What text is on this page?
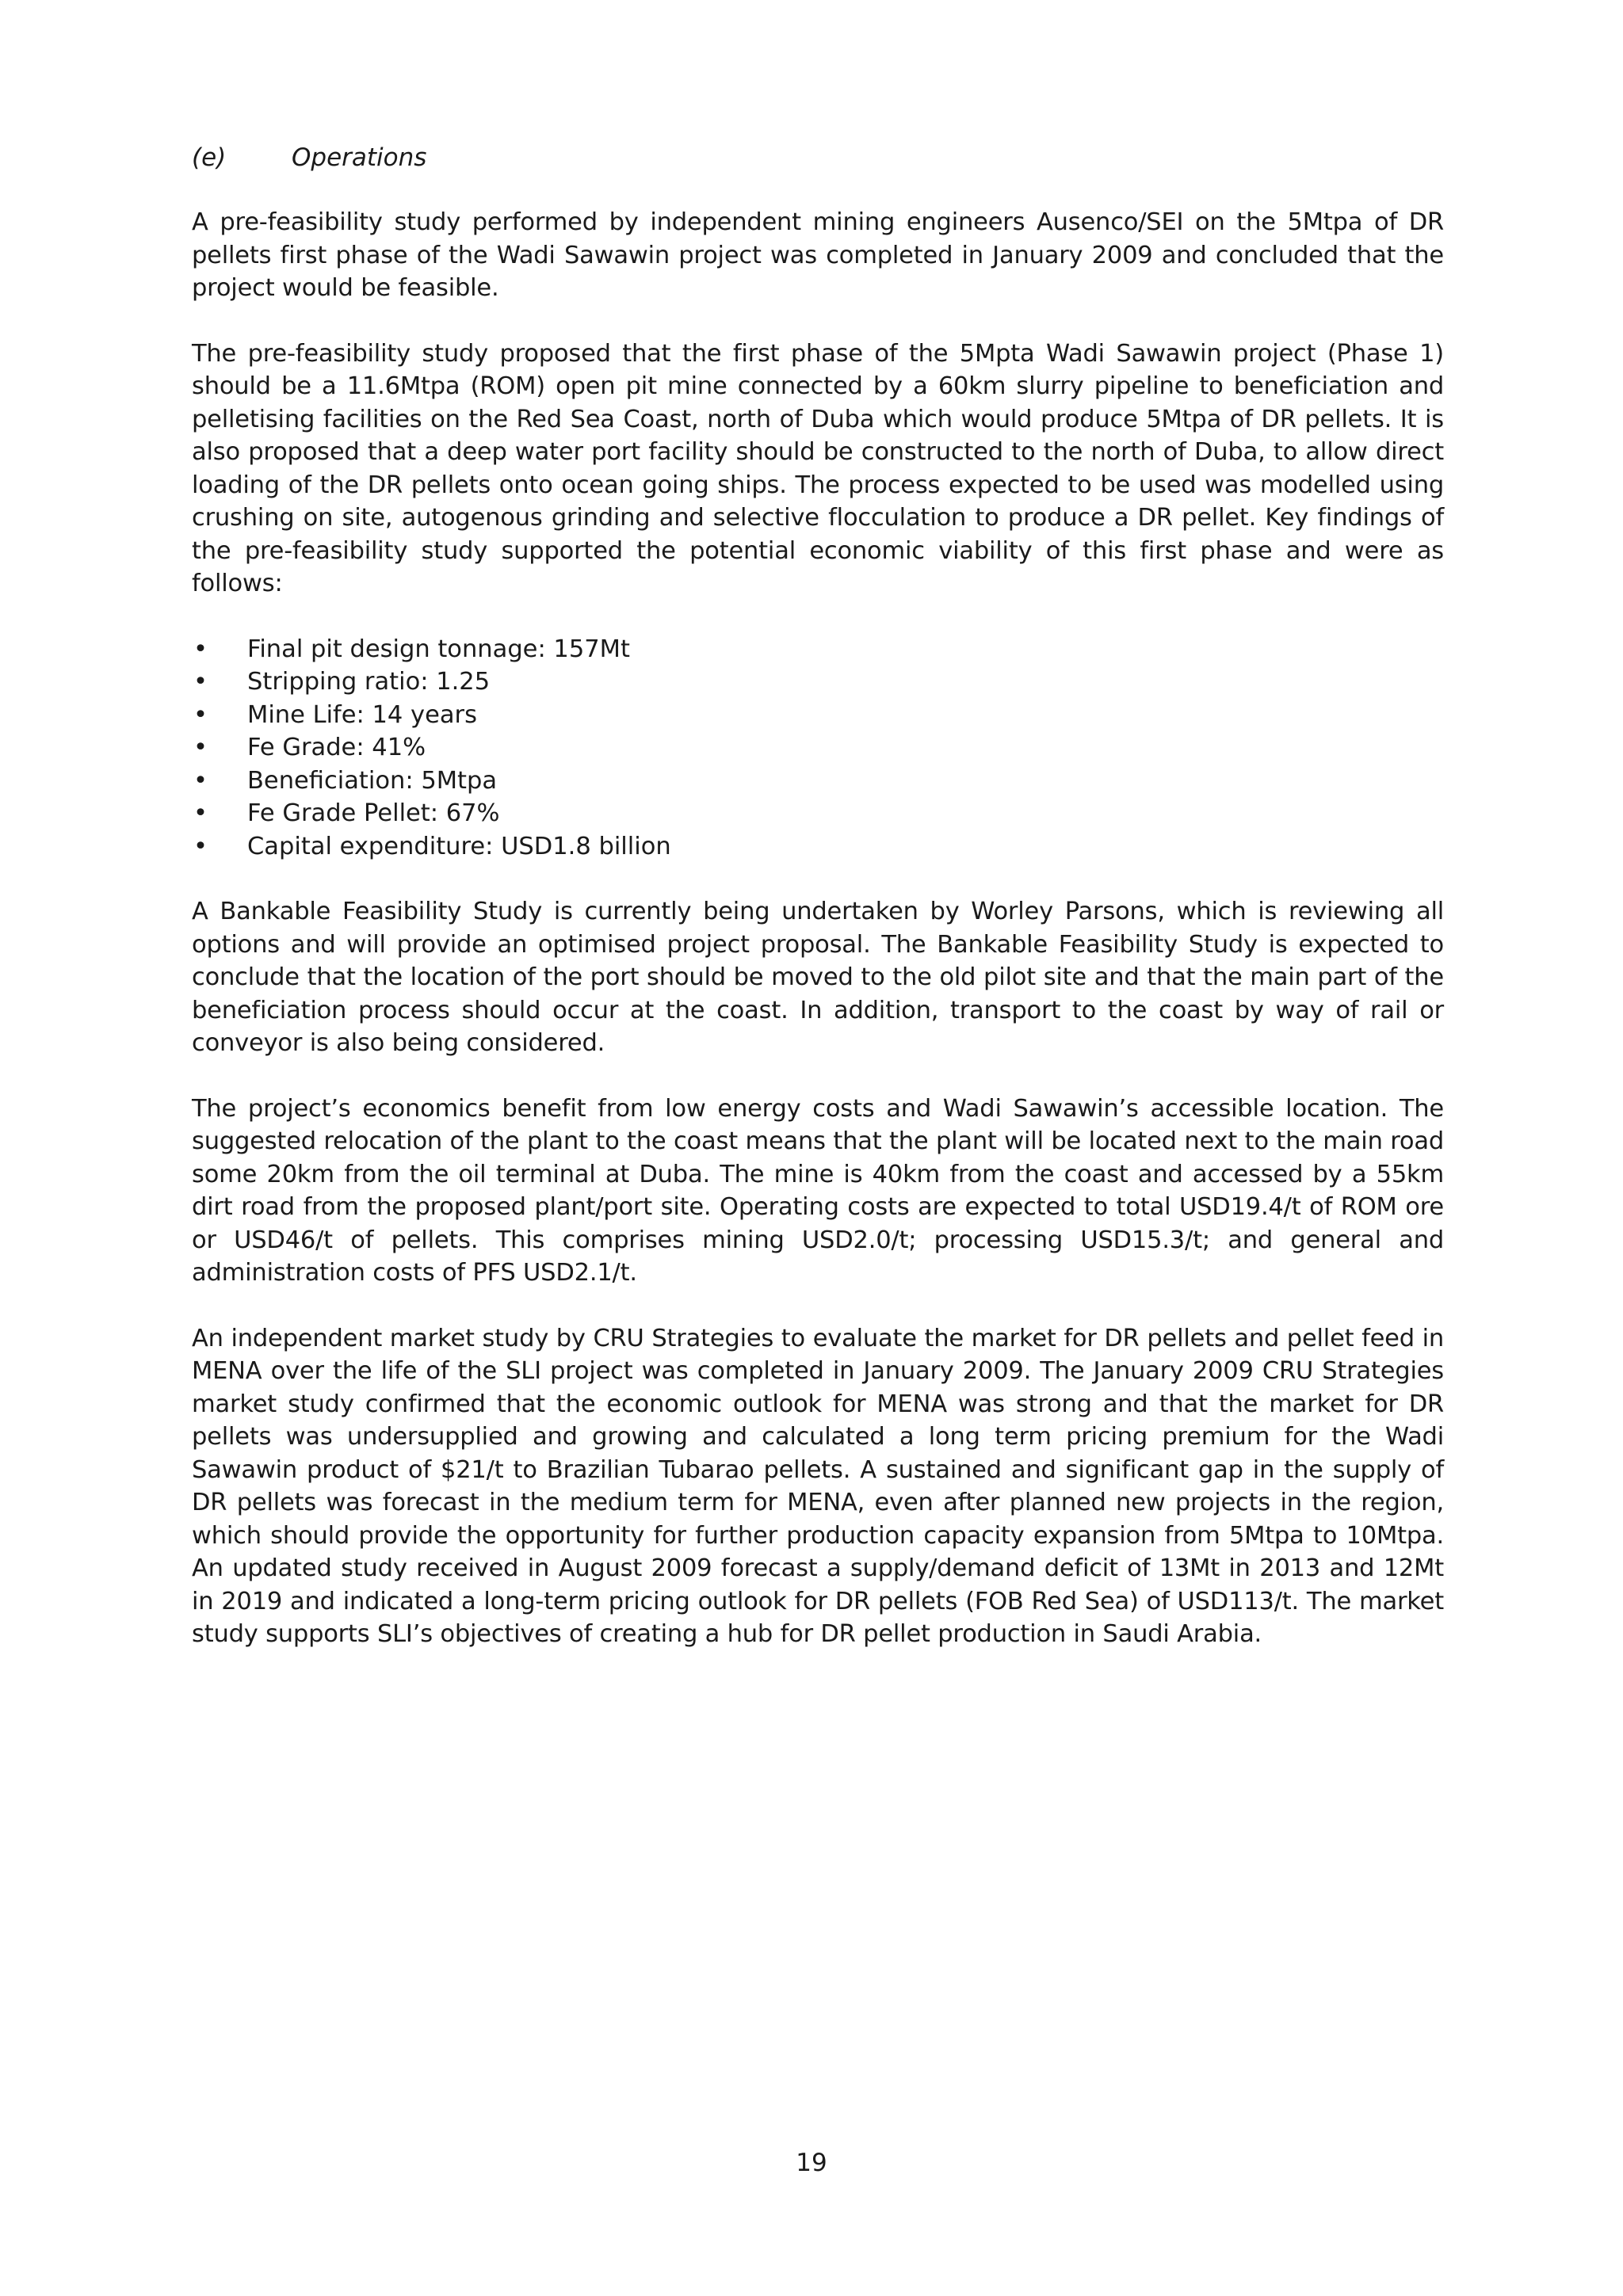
(e)	Operations

A pre-feasibility study performed by independent mining engineers Ausenco/SEI on the 5Mtpa of DR pellets first phase of the Wadi Sawawin project was completed in January 2009 and concluded that the project would be feasible.

The pre-feasibility study proposed that the first phase of the 5Mpta Wadi Sawawin project (Phase 1) should be a 11.6Mtpa (ROM) open pit mine connected by a 60km slurry pipeline to beneficiation and pelletising facilities on the Red Sea Coast, north of Duba which would produce 5Mtpa of DR pellets. It is also proposed that a deep water port facility should be constructed to the north of Duba, to allow direct loading of the DR pellets onto ocean going ships. The process expected to be used was modelled using crushing on site, autogenous grinding and selective flocculation to produce a DR pellet. Key findings of the pre-feasibility study supported the potential economic viability of this first phase and were as follows:

•	Final pit design tonnage: 157Mt
•	Stripping ratio: 1.25
•	Mine Life: 14 years
•	Fe Grade: 41%
•	Beneficiation: 5Mtpa
•	Fe Grade Pellet: 67%
•	Capital expenditure: USD1.8 billion

A Bankable Feasibility Study is currently being undertaken by Worley Parsons, which is reviewing all options and will provide an optimised project proposal. The Bankable Feasibility Study is expected to conclude that the location of the port should be moved to the old pilot site and that the main part of the beneficiation process should occur at the coast. In addition, transport to the coast by way of rail or conveyor is also being considered.

The project’s economics benefit from low energy costs and Wadi Sawawin’s accessible location. The suggested relocation of the plant to the coast means that the plant will be located next to the main road some 20km from the oil terminal at Duba. The mine is 40km from the coast and accessed by a 55km dirt road from the proposed plant/port site. Operating costs are expected to total USD19.4/t of ROM ore or USD46/t of pellets. This comprises mining USD2.0/t; processing USD15.3/t; and general and administration costs of PFS USD2.1/t.

An independent market study by CRU Strategies to evaluate the market for DR pellets and pellet feed in MENA over the life of the SLI project was completed in January 2009. The January 2009 CRU Strategies market study confirmed that the economic outlook for MENA was strong and that the market for DR pellets was undersupplied and growing and calculated a long term pricing premium for the Wadi Sawawin product of $21/t to Brazilian Tubarao pellets. A sustained and significant gap in the supply of DR pellets was forecast in the medium term for MENA, even after planned new projects in the region, which should provide the opportunity for further production capacity expansion from 5Mtpa to 10Mtpa. An updated study received in August 2009 forecast a supply/demand deficit of 13Mt in 2013 and 12Mt in 2019 and indicated a long-term pricing outlook for DR pellets (FOB Red Sea) of USD113/t. The market study supports SLI’s objectives of creating a hub for DR pellet production in Saudi Arabia.

19
